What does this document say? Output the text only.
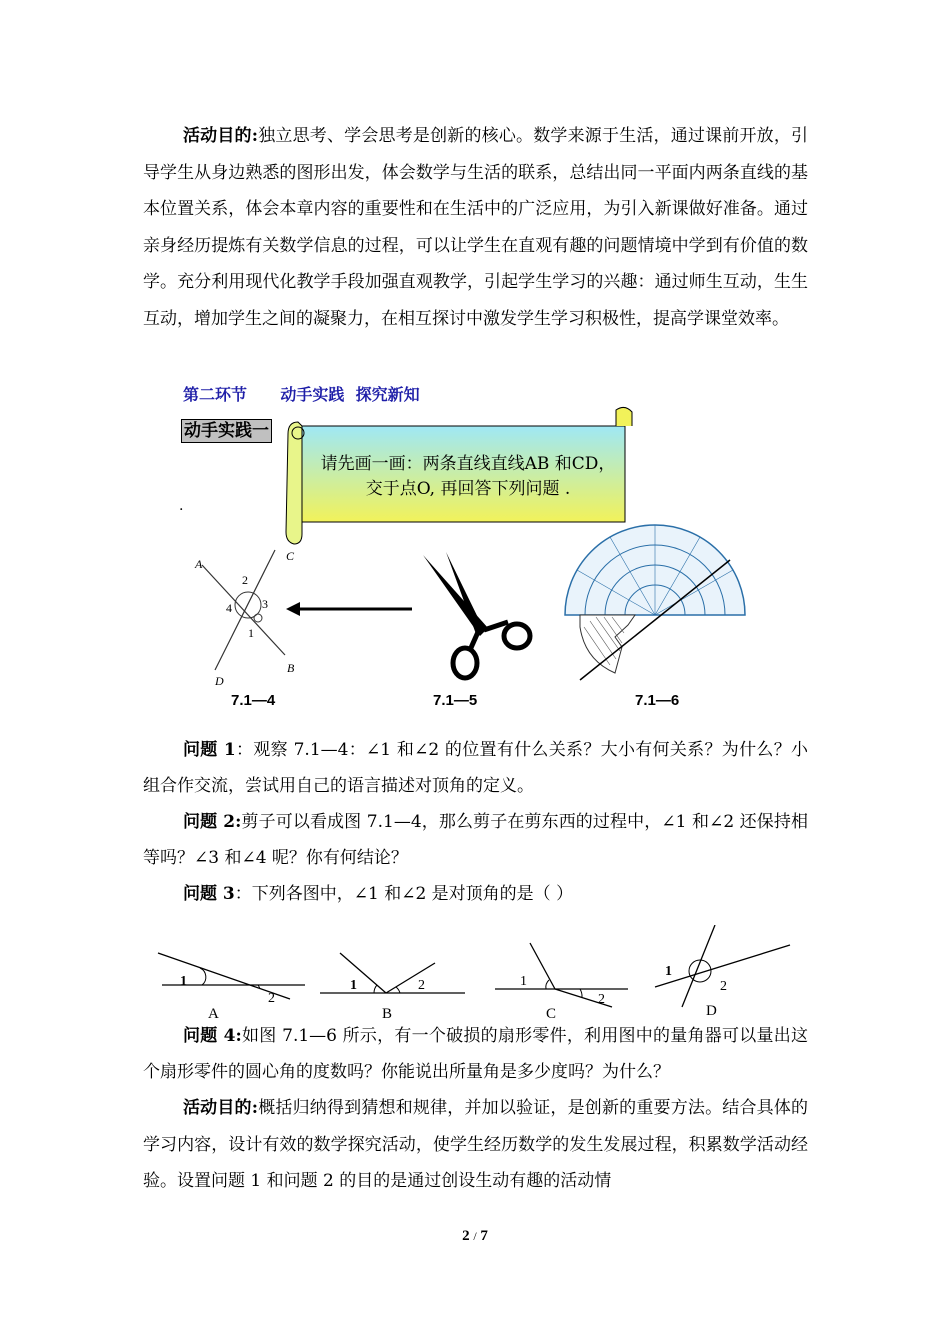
活动目的:独立思考、学会思考是创新的核心。数学来源于生活，通过课前开放，引导学生从身边熟悉的图形出发，体会数学与生活的联系，总结出同一平面内两条直线的基本位置关系，体会本章内容的重要性和在生活中的广泛应用，为引入新课做好准备。通过亲身经历提炼有关数学信息的过程，可以让学生在直观有趣的问题情境中学到有价值的数学。充分利用现代化教学手段加强直观教学，引起学生学习的兴趣：通过师生互动，生生互动，增加学生之间的凝聚力，在相互探讨中激发学生学习积极性，提高学课堂效率。

第二环节      动手实践  探究新知
动手实践一
请先画一画：两条直线直线AB 和CD，交于点O, 再回答下列问题 .
.
A
C
B
D
2
4	3
1
7.1—4	7.1—5	7.1—6

问题 1：观察 7.1—4：∠1 和∠2 的位置有什么关系？大小有何关系？为什么？小组合作交流，尝试用自己的语言描述对顶角的定义。

问题 2:剪子可以看成图 7.1—4，那么剪子在剪东西的过程中，∠1 和∠2 还保持相等吗？∠3 和∠4 呢？你有何结论？

问题 3：下列各图中，∠1 和∠2 是对顶角的是（ ）

1
2
A
1	2
B
1
2
C
1
2
D

问题 4:如图 7.1—6 所示，有一个破损的扇形零件，利用图中的量角器可以量出这个扇形零件的圆心角的度数吗？你能说出所量角是多少度吗？为什么？

活动目的:概括归纳得到猜想和规律，并加以验证，是创新的重要方法。结合具体的学习内容，设计有效的数学探究活动，使学生经历数学的发生发展过程，积累数学活动经验。设置问题 1 和问题 2 的目的是通过创设生动有趣的活动情

2 / 7
